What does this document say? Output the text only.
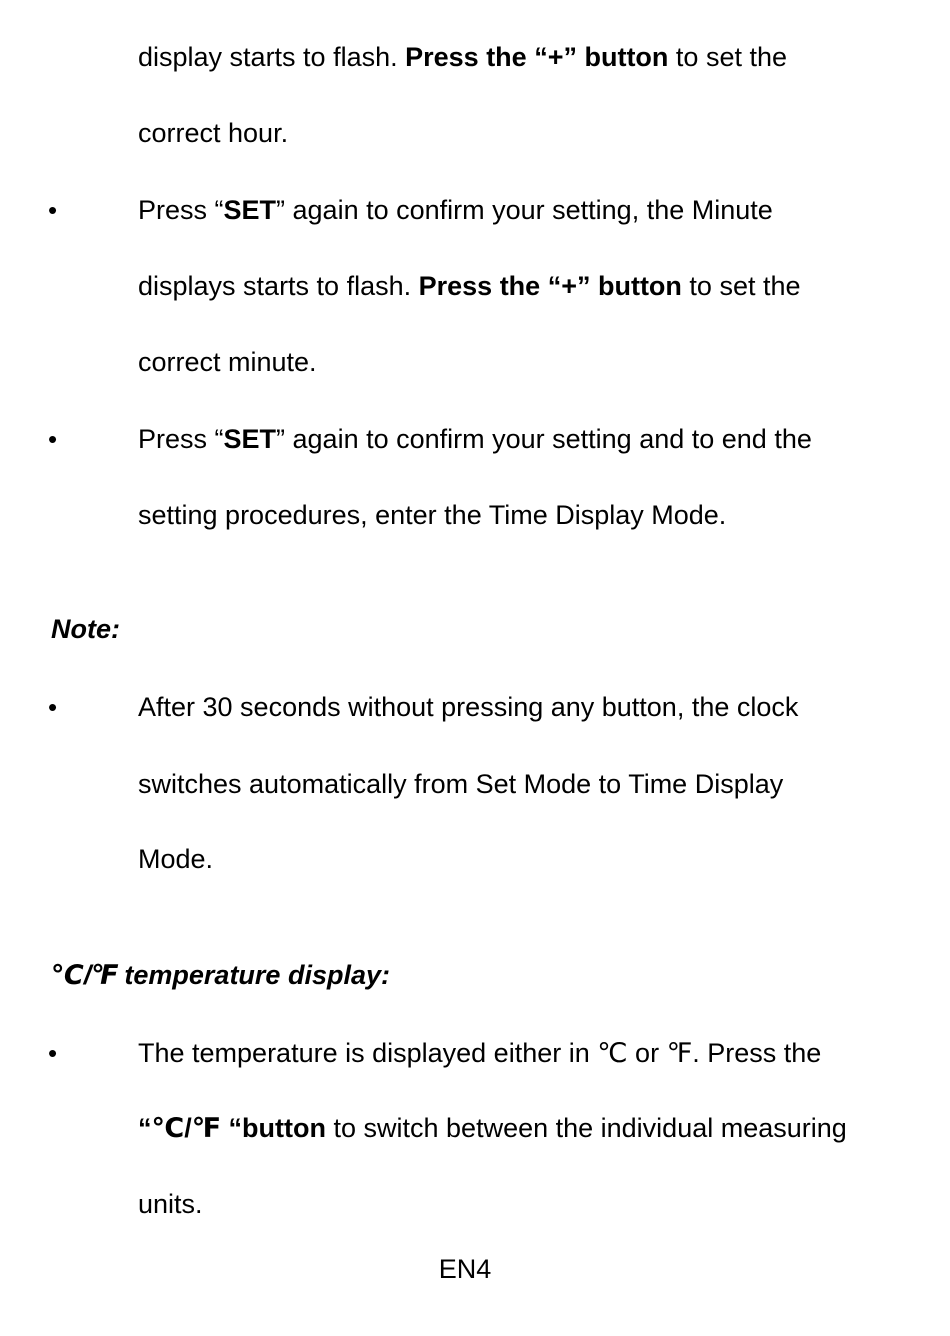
display starts to flash. Press the “+” button to set the
correct hour.
•	Press “SET” again to confirm your setting, the Minute
displays starts to flash. Press the “+” button to set the
correct minute.
•	Press “SET” again to confirm your setting and to end the
setting procedures, enter the Time Display Mode.
Note:
•	After 30 seconds without pressing any button, the clock
switches automatically from Set Mode to Time Display
Mode.
℃/℉ temperature display:
•	The temperature is displayed either in ℃ or ℉. Press the
“℃/℉ “button to switch between the individual measuring
units.
EN4
